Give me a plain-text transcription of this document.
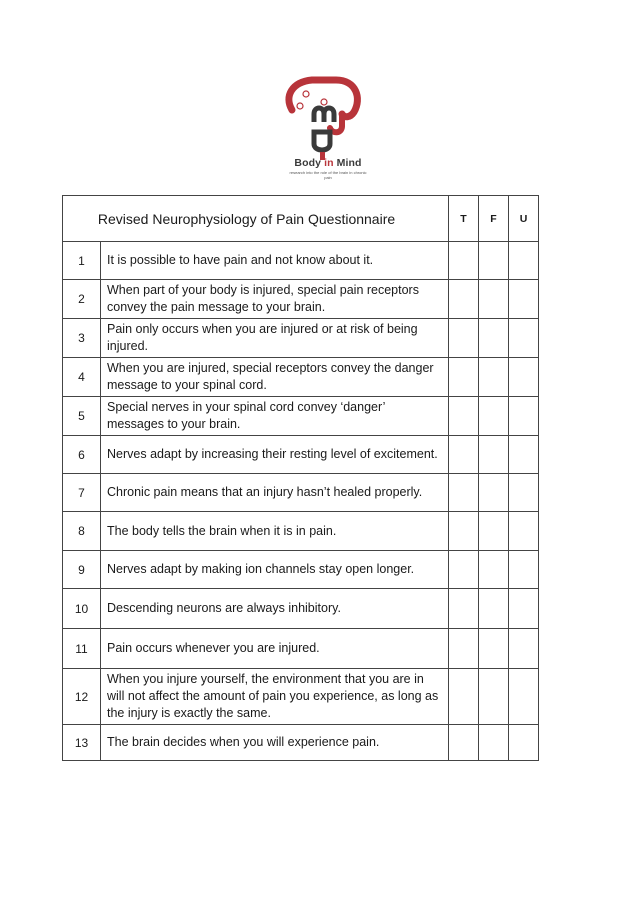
Body in Mind
research into the role of the brain in chronic pain
Revised Neurophysiology of Pain Questionnaire		T	F	U
1	It is possible to have pain and not know about it.			
2	When part of your body is injured, special pain receptors convey the pain message to your brain.			
3	Pain only occurs when you are injured or at risk of being injured.			
4	When you are injured, special receptors convey the danger message to your spinal cord.			
5	Special nerves in your spinal cord convey ‘danger’ messages to your brain.			
6	Nerves adapt by increasing their resting level of excitement.			
7	Chronic pain means that an injury hasn’t healed properly.			
8	The body tells the brain when it is in pain.			
9	Nerves adapt by making ion channels stay open longer.			
10	Descending neurons are always inhibitory.			
11	Pain occurs whenever you are injured.			
12	When you injure yourself, the environment that you are in will not affect the amount of pain you experience, as long as the injury is exactly the same.			
13	The brain decides when you will experience pain.			
